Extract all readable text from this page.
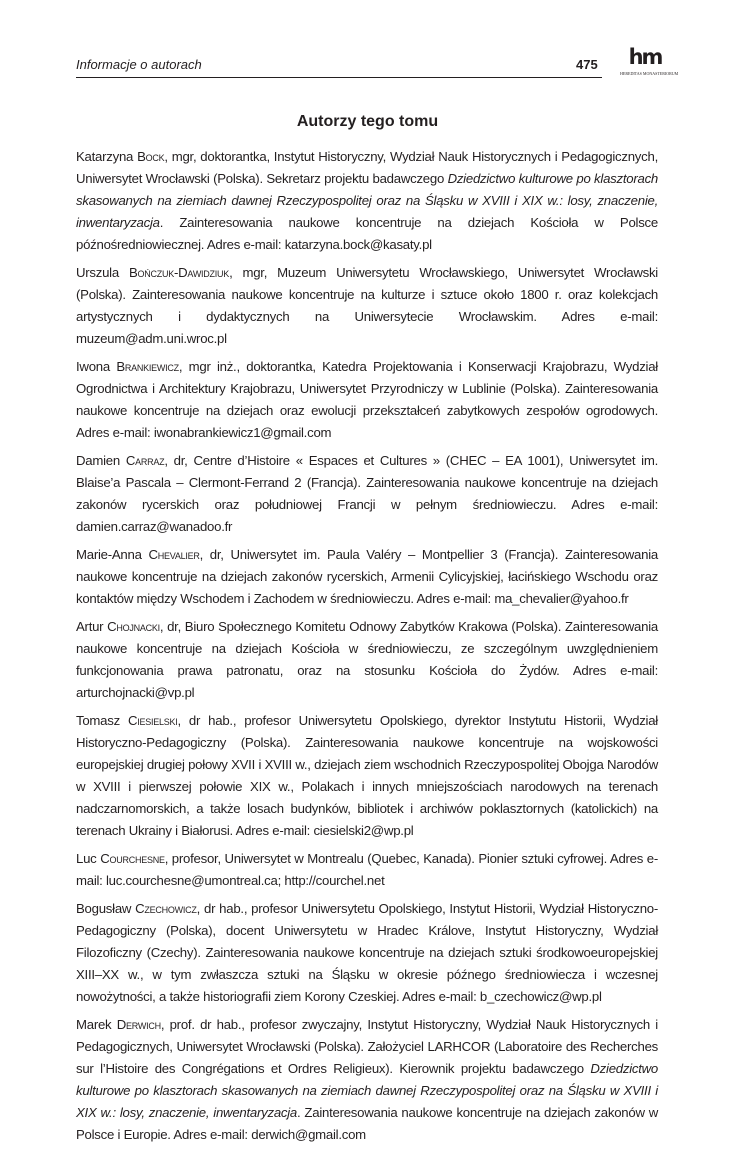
Informacje o autorach	475	hm
HEREDITAS MONASTERIORUM
Autorzy tego tomu

Katarzyna Bock, mgr, doktorantka, Instytut Historyczny, Wydział Nauk Historycznych i Pedagogicznych, Uniwersytet Wrocławski (Polska). Sekretarz projektu badawczego Dziedzictwo kulturowe po klasztorach skasowanych na ziemiach dawnej Rzeczypospolitej oraz na Śląsku w XVIII i XIX w.: losy, znaczenie, inwentaryzacja. Zainteresowania naukowe koncentruje na dziejach Kościoła w Polsce późnośredniowiecznej. Adres e-mail: katarzyna.bock@kasaty.pl

Urszula Bończuk-Dawidziuk, mgr, Muzeum Uniwersytetu Wrocławskiego, Uniwersytet Wrocławski (Polska). Zainteresowania naukowe koncentruje na kulturze i sztuce około 1800 r. oraz kolekcjach artystycznych i dydaktycznych na Uniwersytecie Wrocławskim. Adres e-mail: muzeum@adm.uni.wroc.pl

Iwona Brankiewicz, mgr inż., doktorantka, Katedra Projektowania i Konserwacji Krajobrazu, Wydział Ogrodnictwa i Architektury Krajobrazu, Uniwersytet Przyrodniczy w Lublinie (Polska). Zainteresowania naukowe koncentruje na dziejach oraz ewolucji przekształceń zabytkowych zespołów ogrodowych. Adres e-mail: iwonabrankiewicz1@gmail.com

Damien Carraz, dr, Centre d’Histoire « Espaces et Cultures » (CHEC – EA 1001), Uniwersytet im. Blaise’a Pascala – Clermont-Ferrand 2 (Francja). Zainteresowania naukowe koncentruje na dziejach zakonów rycerskich oraz południowej Francji w pełnym średniowieczu. Adres e-mail: damien.carraz@wanadoo.fr

Marie-Anna Chevalier, dr, Uniwersytet im. Paula Valéry – Montpellier 3 (Francja). Zainteresowania naukowe koncentruje na dziejach zakonów rycerskich, Armenii Cylicyjskiej, łacińskiego Wschodu oraz kontaktów między Wschodem i Zachodem w średniowieczu. Adres e-mail: ma_chevalier@yahoo.fr

Artur Chojnacki, dr, Biuro Społecznego Komitetu Odnowy Zabytków Krakowa (Polska). Zainteresowania naukowe koncentruje na dziejach Kościoła w średniowieczu, ze szczególnym uwzględnieniem funkcjonowania prawa patronatu, oraz na stosunku Kościoła do Żydów. Adres e-mail: arturchojnacki@vp.pl

Tomasz Ciesielski, dr hab., profesor Uniwersytetu Opolskiego, dyrektor Instytutu Historii, Wydział Historyczno-Pedagogiczny (Polska). Zainteresowania naukowe koncentruje na wojskowości europejskiej drugiej połowy XVII i XVIII w., dziejach ziem wschodnich Rzeczypospolitej Obojga Narodów w XVIII i pierwszej połowie XIX w., Polakach i innych mniejszościach narodowych na terenach nadczarnomorskich, a także losach budynków, bibliotek i archiwów poklasztornych (katolickich) na terenach Ukrainy i Białorusi. Adres e-mail: ciesielski2@wp.pl

Luc Courchesne, profesor, Uniwersytet w Montrealu (Quebec, Kanada). Pionier sztuki cyfrowej. Adres e-mail: luc.courchesne@umontreal.ca; http://courchel.net

Bogusław Czechowicz, dr hab., profesor Uniwersytetu Opolskiego, Instytut Historii, Wydział Historyczno-Pedagogiczny (Polska), docent Uniwersytetu w Hradec Králove, Instytut Historyczny, Wydział Filozoficzny (Czechy). Zainteresowania naukowe koncentruje na dziejach sztuki środkowoeuropejskiej XIII–XX w., w tym zwłaszcza sztuki na Śląsku w okresie późnego średniowiecza i wczesnej nowożytności, a także historiografii ziem Korony Czeskiej. Adres e-mail: b_czechowicz@wp.pl

Marek Derwich, prof. dr hab., profesor zwyczajny, Instytut Historyczny, Wydział Nauk Historycznych i Pedagogicznych, Uniwersytet Wrocławski (Polska). Założyciel LARHCOR (Laboratoire des Recherches sur l’Histoire des Congrégations et Ordres Religieux). Kierownik projektu badawczego Dziedzictwo kulturowe po klasztorach skasowanych na ziemiach dawnej Rzeczypospolitej oraz na Śląsku w XVIII i XIX w.: losy, znaczenie, inwentaryzacja. Zainteresowania naukowe koncentruje na dziejach zakonów w Polsce i Europie. Adres e-mail: derwich@gmail.com
